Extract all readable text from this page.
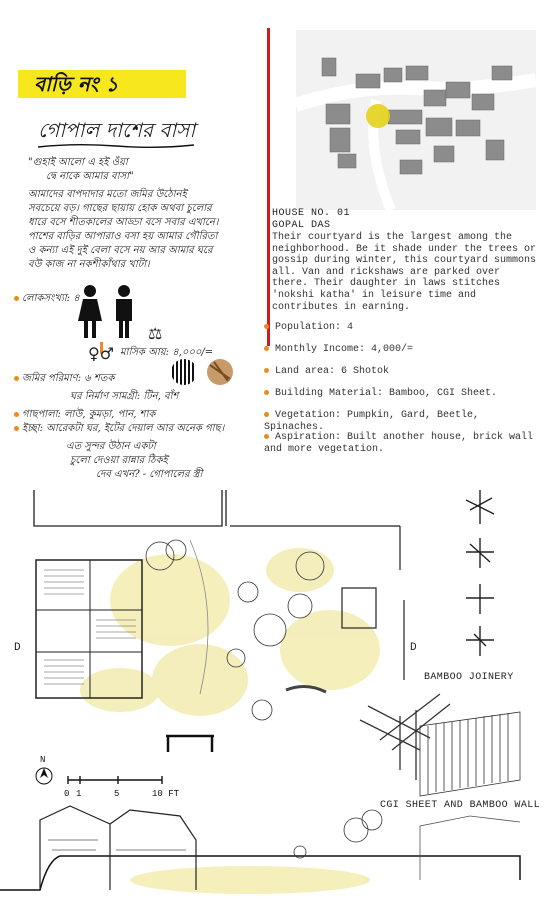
বাড়ি নং ১
গোপাল দাশের বাসা
"গুহাই আলো এ হই ওঁয়া
দ্বে নাকে আমার বাসা"
আমাদের বাপদাদার মতো জমির উঠোনই
সবচেয়ে বড়। গাছের ছায়ায় হোক অথবা চুলোর
ধারে বসে শীতকালের আড্ডা বসে সবার এখানে।
পাশের বাড়ির আপারাও বসা হয় আমার গৌরিতা
ও কন্যা এই দুই বেলা বসে নয় আর আমার ঘরে
বউ কাজ না নকশীকাঁথার খাটা।
লোকসংখ্যা: ৪
♀♂
⚖
মাসিক আয়: ৪,০০০/=
জমির পরিমাণ: ৬ শতক
ঘর নির্মাণ সামগ্রী: টিন, বাঁশ
গাছপালা: লাউ, কুমড়া, পান, শাক
ইচ্ছা: আরেকটা ঘর, ইটের দেয়াল আর অনেক গাছ।
এত সুন্দর উঠান একটা
চুলো দেওয়া রান্নার ঠিকই
দেব এখন? - গোপালের স্ত্রী
HOUSE NO. 01
GOPAL DAS
Their courtyard is the largest among the neighborhood. Be it shade under the trees or gossip during winter, this courtyard summons all. Van and rickshaws are parked over there. Their daughter in laws stitches 'nokshi katha' in leisure time and contributes in earning.
Population: 4
Monthly Income: 4,000/=
Land area: 6 Shotok
Building Material: Bamboo, CGI Sheet.
Vegetation: Pumpkin, Gard, Beetle, Spinaches.
Aspiration: Built another house, brick wall and more vegetation.
D	D
N
0 1	5	10 FT
BAMBOO JOINERY
CGI SHEET AND BAMBOO WALL
